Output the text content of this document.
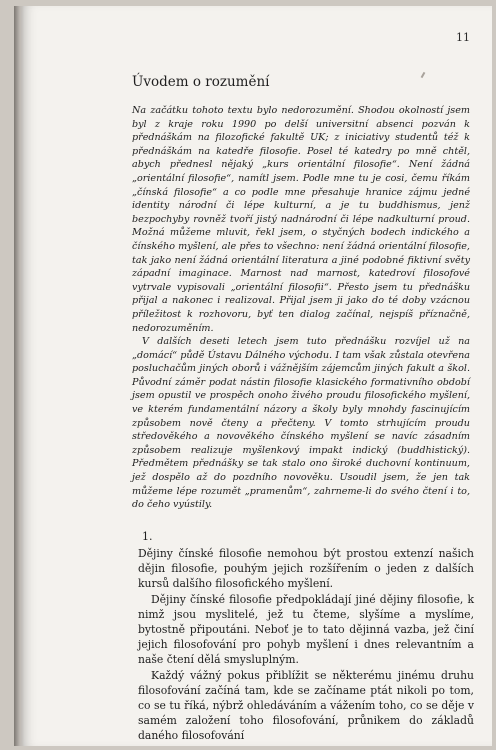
11
Úvodem o rozumění

Na začátku tohoto textu bylo nedorozumění. Shodou okolností jsem byl z kraje roku 1990 po delší universitní absenci pozván k přednáškám na filozofické fakultě UK; z iniciativy studentů též k přednáškám na katedře filosofie. Posel té katedry po mně chtěl, abych přednesl nějaký „kurs orientální filosofie“. Není žádná „orientální filosofie“, namítl jsem. Podle mne tu je cosi, čemu říkám „čínská filosofie“ a co podle mne přesahuje hranice zájmu jedné identity národní či lépe kulturní, a je tu buddhismus, jenž bezpochyby rovněž tvoří jistý nadnárodní či lépe nadkulturní proud. Možná můžeme mluvit, řekl jsem, o styčných bodech indického a čínského myšlení, ale přes to všechno: není žádná orientální filosofie, tak jako není žádná orientální literatura a jiné podobné fiktivní světy západní imaginace. Marnost nad marnost, katedroví filosofové vytrvale vypisovali „orientální filosofii“. Přesto jsem tu přednášku přijal a nakonec i realizoval. Přijal jsem ji jako do té doby vzácnou příležitost k rozhovoru, byť ten dialog začínal, nejspíš příznačně, nedorozuměním.

V dalších deseti letech jsem tuto přednášku rozvíjel už na „domácí“ půdě Ústavu Dálného východu. I tam však zůstala otevřena posluchačům jiných oborů i vážnějším zájemcům jiných fakult a škol. Původní záměr podat nástin filosofie klasického formativního období jsem opustil ve prospěch onoho živého proudu filosofického myšlení, ve kterém fundamentální názory a školy byly mnohdy fascinujícím způsobem nově čteny a přečteny. V tomto strhujícím proudu středověkého a novověkého čínského myšlení se navíc zásadním způsobem realizuje myšlenkový impakt indický (buddhistický). Předmětem přednášky se tak stalo ono široké duchovní kontinuum, jež dospělo až do pozdního novověku. Usoudil jsem, že jen tak můžeme lépe rozumět „pramenům“, zahrneme-li do svého čtení i to, do čeho vyústily.

1.

Dějiny čínské filosofie nemohou být prostou extenzí našich dějin filosofie, pouhým jejich rozšířením o jeden z dalších kursů dalšího filosofického myšlení.

Dějiny čínské filosofie předpokládají jiné dějiny filosofie, k nimž jsou myslitelé, jež tu čteme, slyšíme a myslíme, bytostně připoutáni. Neboť je to tato dějinná vazba, jež činí jejich filosofování pro pohyb myšlení i dnes relevantním a naše čtení dělá smysluplným.

Každý vážný pokus přiblížit se některému jinému druhu filosofování začíná tam, kde se začíname ptát nikoli po tom, co se tu říká, nýbrž ohledáváním a vážením toho, co se děje v samém založení toho filosofování, průnikem do základů daného filosofování
